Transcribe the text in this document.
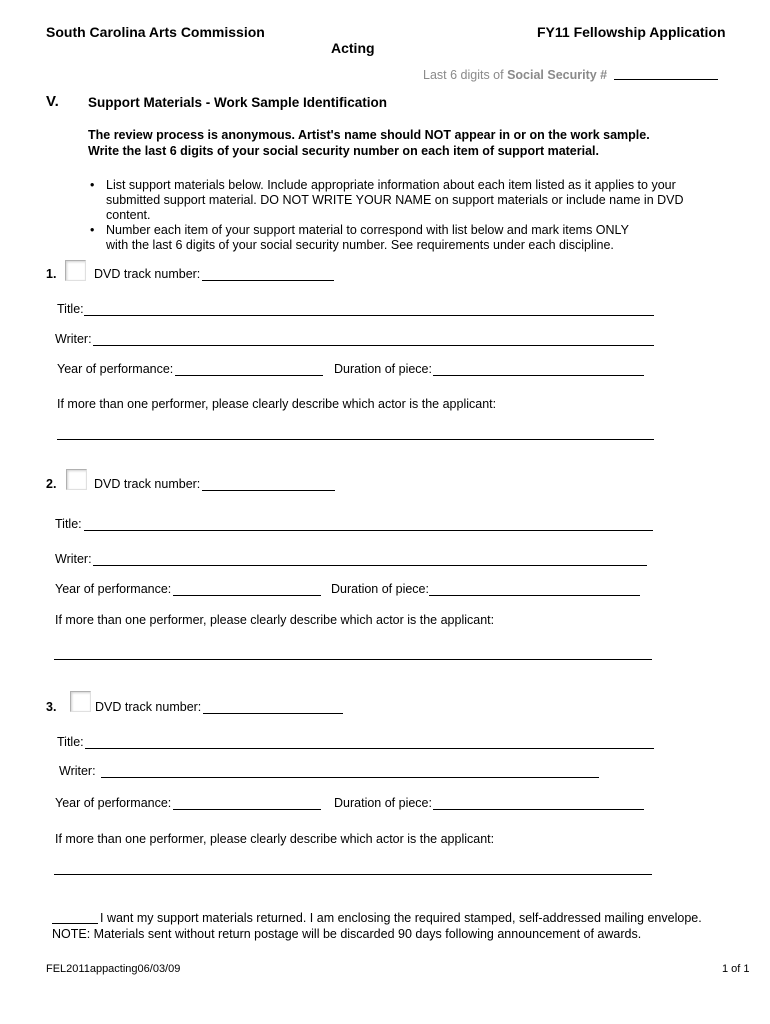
South Carolina Arts Commission	FY11 Fellowship Application
Acting
Last 6 digits of Social Security #
V. Support Materials - Work Sample Identification
The review process is anonymous. Artist's name should NOT appear in or on the work sample.
Write the last 6 digits of your social security number on each item of support material.
• List support materials below. Include appropriate information about each item listed as it applies to your submitted support material. DO NOT WRITE YOUR NAME on support materials or include name in DVD content.
• Number each item of your support material to correspond with list below and mark items ONLY with the last 6 digits of your social security number. See requirements under each discipline.
1.	DVD track number:
Title:
Writer:
Year of performance:	Duration of piece:
If more than one performer, please clearly describe which actor is the applicant:
2.	DVD track number:
Title:
Writer:
Year of performance:	Duration of piece:
If more than one performer, please clearly describe which actor is the applicant:
3.	DVD track number:
Title:
Writer:
Year of performance:	Duration of piece:
If more than one performer, please clearly describe which actor is the applicant:
I want my support materials returned. I am enclosing the required stamped, self-addressed mailing envelope.
NOTE: Materials sent without return postage will be discarded 90 days following announcement of awards.
FEL2011appacting06/03/09	1 of 1
